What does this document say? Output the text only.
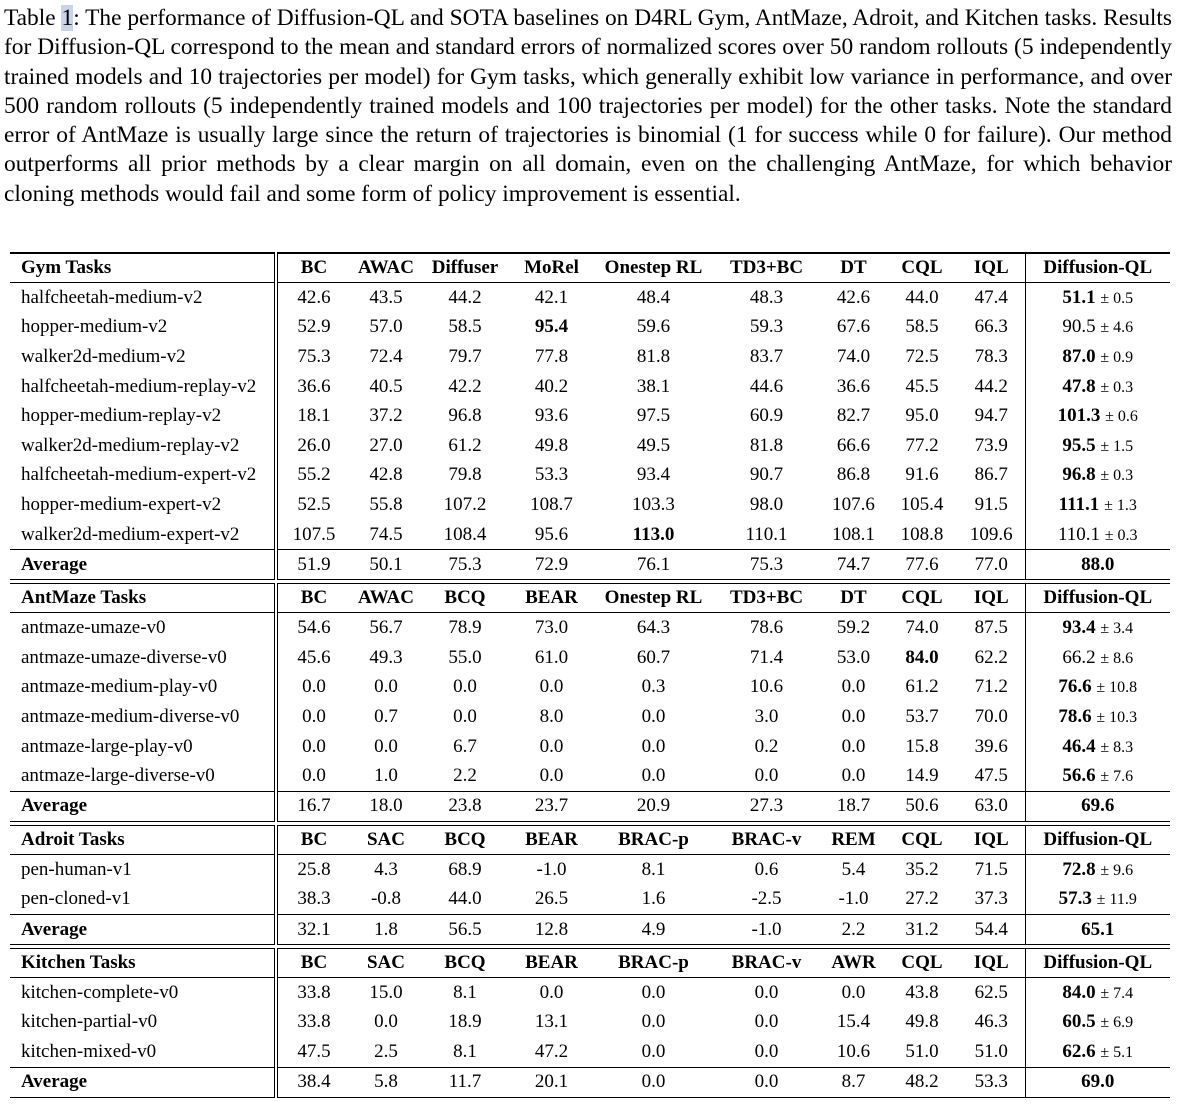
Table 1: The performance of Diffusion-QL and SOTA baselines on D4RL Gym, AntMaze, Adroit, and Kitchen tasks. Results for Diffusion-QL correspond to the mean and standard errors of normalized scores over 50 random rollouts (5 independently trained models and 10 trajectories per model) for Gym tasks, which generally exhibit low variance in performance, and over 500 random rollouts (5 independently trained models and 100 trajectories per model) for the other tasks. Note the standard error of AntMaze is usually large since the return of trajectories is binomial (1 for success while 0 for failure). Our method outperforms all prior methods by a clear margin on all domain, even on the challenging AntMaze, for which behavior cloning methods would fail and some form of policy improvement is essential.
Gym Tasks	BC	AWAC	Diffuser	MoRel	Onestep RL	TD3+BC	DT	CQL	IQL	Diffusion-QL
halfcheetah-medium-v2	42.6	43.5	44.2	42.1	48.4	48.3	42.6	44.0	47.4	51.1 ± 0.5
hopper-medium-v2	52.9	57.0	58.5	95.4	59.6	59.3	67.6	58.5	66.3	90.5 ± 4.6
walker2d-medium-v2	75.3	72.4	79.7	77.8	81.8	83.7	74.0	72.5	78.3	87.0 ± 0.9
halfcheetah-medium-replay-v2	36.6	40.5	42.2	40.2	38.1	44.6	36.6	45.5	44.2	47.8 ± 0.3
hopper-medium-replay-v2	18.1	37.2	96.8	93.6	97.5	60.9	82.7	95.0	94.7	101.3 ± 0.6
walker2d-medium-replay-v2	26.0	27.0	61.2	49.8	49.5	81.8	66.6	77.2	73.9	95.5 ± 1.5
halfcheetah-medium-expert-v2	55.2	42.8	79.8	53.3	93.4	90.7	86.8	91.6	86.7	96.8 ± 0.3
hopper-medium-expert-v2	52.5	55.8	107.2	108.7	103.3	98.0	107.6	105.4	91.5	111.1 ± 1.3
walker2d-medium-expert-v2	107.5	74.5	108.4	95.6	113.0	110.1	108.1	108.8	109.6	110.1 ± 0.3
Average	51.9	50.1	75.3	72.9	76.1	75.3	74.7	77.6	77.0	88.0

AntMaze Tasks	BC	AWAC	BCQ	BEAR	Onestep RL	TD3+BC	DT	CQL	IQL	Diffusion-QL
antmaze-umaze-v0	54.6	56.7	78.9	73.0	64.3	78.6	59.2	74.0	87.5	93.4 ± 3.4
antmaze-umaze-diverse-v0	45.6	49.3	55.0	61.0	60.7	71.4	53.0	84.0	62.2	66.2 ± 8.6
antmaze-medium-play-v0	0.0	0.0	0.0	0.0	0.3	10.6	0.0	61.2	71.2	76.6 ± 10.8
antmaze-medium-diverse-v0	0.0	0.7	0.0	8.0	0.0	3.0	0.0	53.7	70.0	78.6 ± 10.3
antmaze-large-play-v0	0.0	0.0	6.7	0.0	0.0	0.2	0.0	15.8	39.6	46.4 ± 8.3
antmaze-large-diverse-v0	0.0	1.0	2.2	0.0	0.0	0.0	0.0	14.9	47.5	56.6 ± 7.6
Average	16.7	18.0	23.8	23.7	20.9	27.3	18.7	50.6	63.0	69.6

Adroit Tasks	BC	SAC	BCQ	BEAR	BRAC-p	BRAC-v	REM	CQL	IQL	Diffusion-QL
pen-human-v1	25.8	4.3	68.9	-1.0	8.1	0.6	5.4	35.2	71.5	72.8 ± 9.6
pen-cloned-v1	38.3	-0.8	44.0	26.5	1.6	-2.5	-1.0	27.2	37.3	57.3 ± 11.9
Average	32.1	1.8	56.5	12.8	4.9	-1.0	2.2	31.2	54.4	65.1

Kitchen Tasks	BC	SAC	BCQ	BEAR	BRAC-p	BRAC-v	AWR	CQL	IQL	Diffusion-QL
kitchen-complete-v0	33.8	15.0	8.1	0.0	0.0	0.0	0.0	43.8	62.5	84.0 ± 7.4
kitchen-partial-v0	33.8	0.0	18.9	13.1	0.0	0.0	15.4	49.8	46.3	60.5 ± 6.9
kitchen-mixed-v0	47.5	2.5	8.1	47.2	0.0	0.0	10.6	51.0	51.0	62.6 ± 5.1
Average	38.4	5.8	11.7	20.1	0.0	0.0	8.7	48.2	53.3	69.0
